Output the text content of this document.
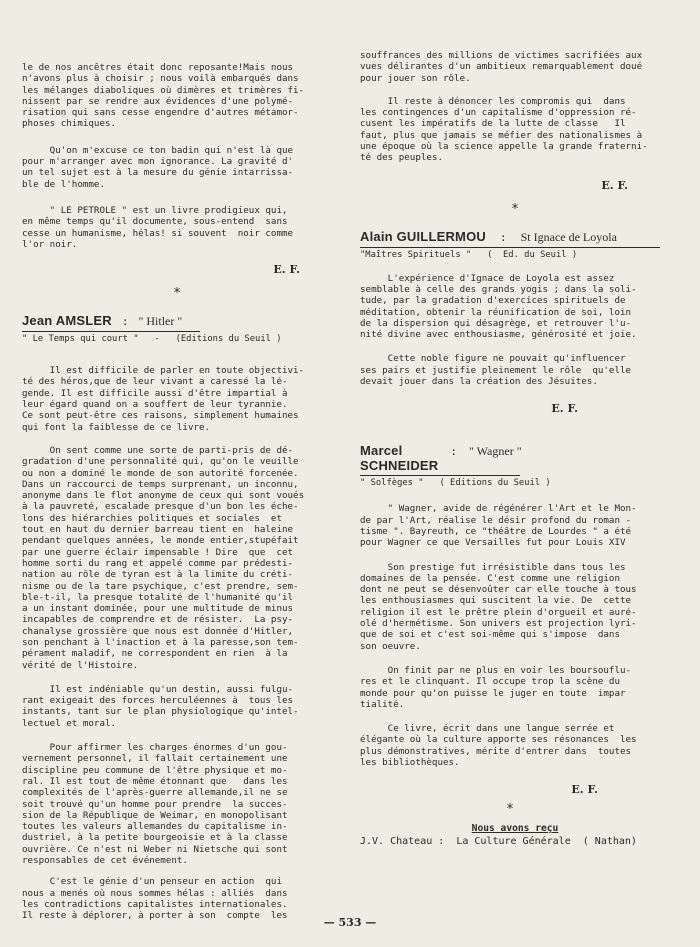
le de nos ancêtres était donc reposante!Mais nous
n'avons plus à choisir ; nous voilà embarqués dans
les mélanges diaboliques où dimères et trimères fi-
nissent par se rendre aux évidences d'une polymé-
risation qui sans cesse engendre d'autres métamor-
phoses chimiques.

Qu'on m'excuse ce ton badin qui n'est là que
pour m'arranger avec mon ignorance. La gravité d'
un tel sujet est à la mesure du génie intarrissa-
ble de l'homme.

" LE PETROLE " est un livre prodigieux qui,
en même temps qu'il documente, sous-entend  sans
cesse un humanisme, hélas! si souvent  noir comme
l'or noir.

E. F.
*
Jean AMSLER : " Hitler "
" Le Temps qui court "   -   (Editions du Seuil )

Il est difficile de parler en toute objectivi-
té des héros,que de leur vivant a caressé la lé-
gende. Il est difficile aussi d'être impartial à
leur égard quand on a souffert de leur tyrannie.
Ce sont peut-être ces raisons, simplement humaines
qui font la faiblesse de ce livre.

On sent comme une sorte de parti-pris de dé-
gradation d'une personnalité qui, qu'on le veuille
ou non a dominé le monde de son autorité forcenée.
Dans un raccourci de temps surprenant, un inconnu,
anonyme dans le flot anonyme de ceux qui sont voués
à la pauvreté, escalade presque d'un bon les éche-
lons des hiérarchies politiques et sociales  et
tout en haut du dernier barreau tient en  haleine
pendant quelques années, le monde entier,stupéfait
par une guerre éclair impensable ! Dire  que  cet
homme sorti du rang et appelé comme par prédesti-
nation au rôle de tyran est à la limite du créti-
nisme ou de la tare psychique, c'est prendre, sem-
ble-t-il, la presque totalité de l'humanité qu'il
a un instant dominée, pour une multitude de minus
incapables de comprendre et de résister.  La psy-
chanalyse grossière que nous est donnée d'Hitler,
son penchant à l'inaction et à la paresse,son tem-
pérament maladif, ne correspondent en rien  à la
vérité de l'Histoire.

Il est indéniable qu'un destin, aussi fulgu-
rant exigeait des forces herculéennes à  tous les
instants, tant sur le plan physiologique qu'intel-
lectuel et moral.

Pour affirmer les charges énormes d'un gou-
vernement personnel, il fallait certainement une
discipline peu commune de l'être physique et mo-
ral. Il est tout de même étonnant que   dans les
complexités de l'après-guerre allemande,il ne se
soit trouvé qu'un homme pour prendre  la succes-
sion de la République de Weimar, en monopolisant
toutes les valeurs allemandes du capitalisme in-
dustriel, à la petite bourgeoisie et à la classe
ouvrière. Ce n'est ni Weber ni Nietsche qui sont
responsables de cet événement.

C'est le génie d'un penseur en action  qui
nous a menés où nous sommes hélas : alliés  dans
les contradictions capitalistes internationales.
Il reste à déplorer, à porter à son  compte  les

souffrances des millions de victimes sacrifiées aux
vues délirantes d'un ambitieux remarquablement doué
pour jouer son rôle.

Il reste à dénoncer les compromis qui  dans
les contingences d'un capitalisme d'oppression ré-
cusent les impératifs de la lutte de classe   Il
faut, plus que jamais se méfier des nationalismes à
une époque où la science appelle la grande fraterni-
té des peuples.

E. F.
*
Alain GUILLERMOU : St Ignace de Loyola
"Maîtres Spirituels "   (  Ed. du Seuil )

L'expérience d'Ignace de Loyola est assez
semblable à celle des grands yogis ; dans la soli-
tude, par la gradation d'exercices spirituels de
méditation, obtenir la réunification de soi, loin
de la dispersion qui désagrège, et retrouver l'u-
nité divine avec enthousiasme, générosité et joie.

Cette noble figure ne pouvait qu'influencer
ses pairs et justifie pleinement le rôle  qu'elle
devait jouer dans la création des Jésuites.

E. F.
Marcel SCHNEIDER
: " Wagner "
" Solfèges "   ( Editions du Seuil )

" Wagner, avide de régénérer l'Art et le Mon-
de par l'Art, réalise le désir profond du roman -
tisme ". Bayreuth, ce "théâtre de Lourdes " a été
pour Wagner ce que Versailles fut pour Louis XIV

Son prestige fut irrésistible dans tous les
domaines de la pensée. C'est comme une religion
dont ne peut se désenvoûter car elle touche à tous
les enthousiasmes qui suscitent la vie. De  cette
religion il est le prêtre plein d'orgueil et auré-
olé d'hermétisme. Son univers est projection lyri-
que de soi et c'est soi-même qui s'impose  dans
son oeuvre.

On finit par ne plus en voir les boursouflu-
res et le clinquant. Il occupe trop la scène du
monde pour qu'on puisse le juger en toute  impar
tialité.

Ce livre, écrit dans une langue serrée et
élégante où la culture apporte ses résonances  les
plus démonstratives, mérite d'entrer dans  toutes
les bibliothèques.

E. F.
*
Nous avons reçu
J.V. Chateau :  La Culture Générale  ( Nathan)
— 533 —
